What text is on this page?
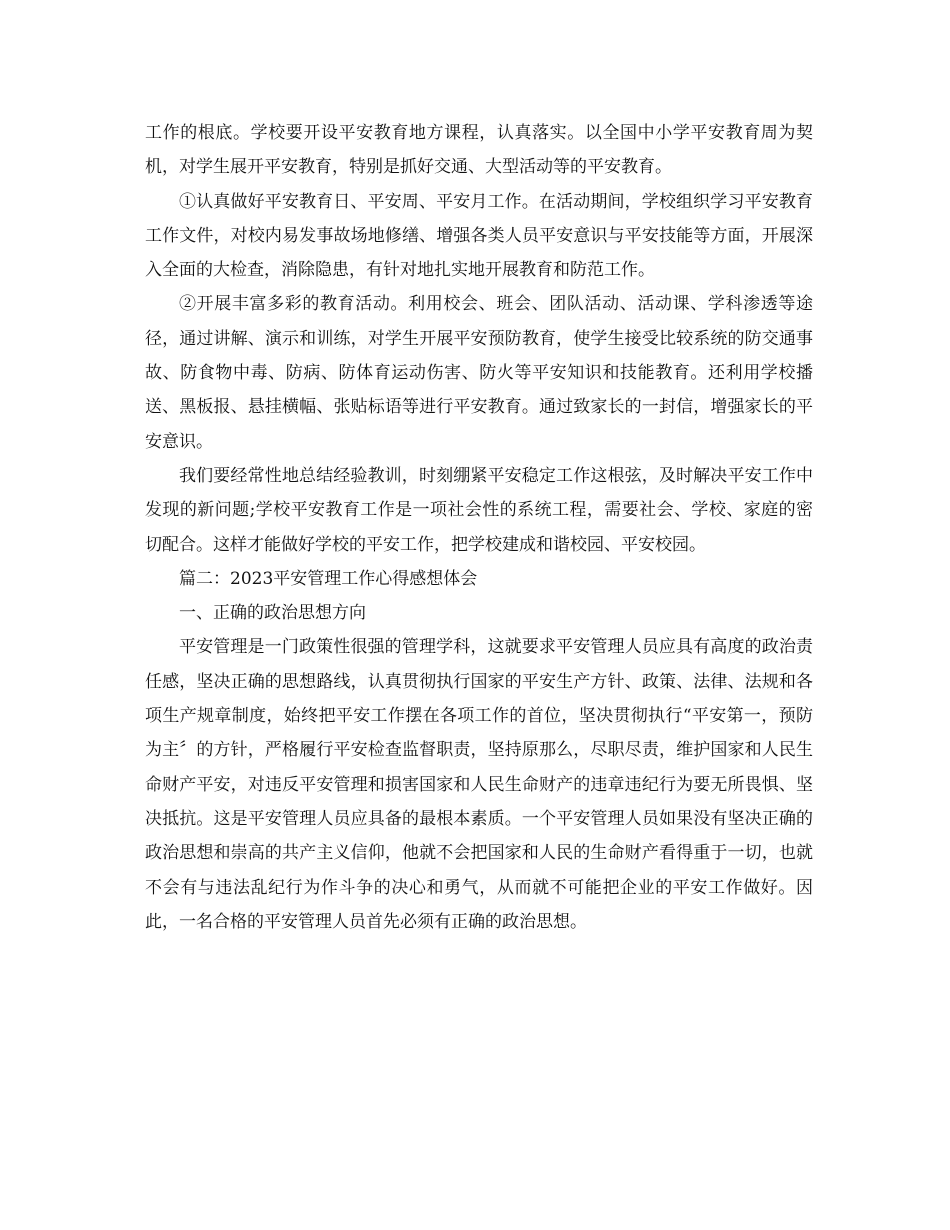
工作的根底。学校要开设平安教育地方课程，认真落实。以全国中小学平安教育周为契机，对学生展开平安教育，特别是抓好交通、大型活动等的平安教育。

①认真做好平安教育日、平安周、平安月工作。在活动期间，学校组织学习平安教育工作文件，对校内易发事故场地修缮、增强各类人员平安意识与平安技能等方面，开展深入全面的大检查，消除隐患，有针对地扎实地开展教育和防范工作。

②开展丰富多彩的教育活动。利用校会、班会、团队活动、活动课、学科渗透等途径，通过讲解、演示和训练，对学生开展平安预防教育，使学生接受比较系统的防交通事故、防食物中毒、防病、防体育运动伤害、防火等平安知识和技能教育。还利用学校播送、黑板报、悬挂横幅、张贴标语等进行平安教育。通过致家长的一封信，增强家长的平安意识。

我们要经常性地总结经验教训，时刻绷紧平安稳定工作这根弦，及时解决平安工作中发现的新问题;学校平安教育工作是一项社会性的系统工程，需要社会、学校、家庭的密切配合。这样才能做好学校的平安工作，把学校建成和谐校园、平安校园。

篇二：2023平安管理工作心得感想体会

一、正确的政治思想方向

平安管理是一门政策性很强的管理学科，这就要求平安管理人员应具有高度的政治责任感，坚决正确的思想路线，认真贯彻执行国家的平安生产方针、政策、法律、法规和各项生产规章制度，始终把平安工作摆在各项工作的首位，坚决贯彻执行“平安第一，预防为主〞的方针，严格履行平安检查监督职责，坚持原那么，尽职尽责，维护国家和人民生命财产平安，对违反平安管理和损害国家和人民生命财产的违章违纪行为要无所畏惧、坚决抵抗。这是平安管理人员应具备的最根本素质。一个平安管理人员如果没有坚决正确的政治思想和崇高的共产主义信仰，他就不会把国家和人民的生命财产看得重于一切，也就不会有与违法乱纪行为作斗争的决心和勇气，从而就不可能把企业的平安工作做好。因此，一名合格的平安管理人员首先必须有正确的政治思想。
